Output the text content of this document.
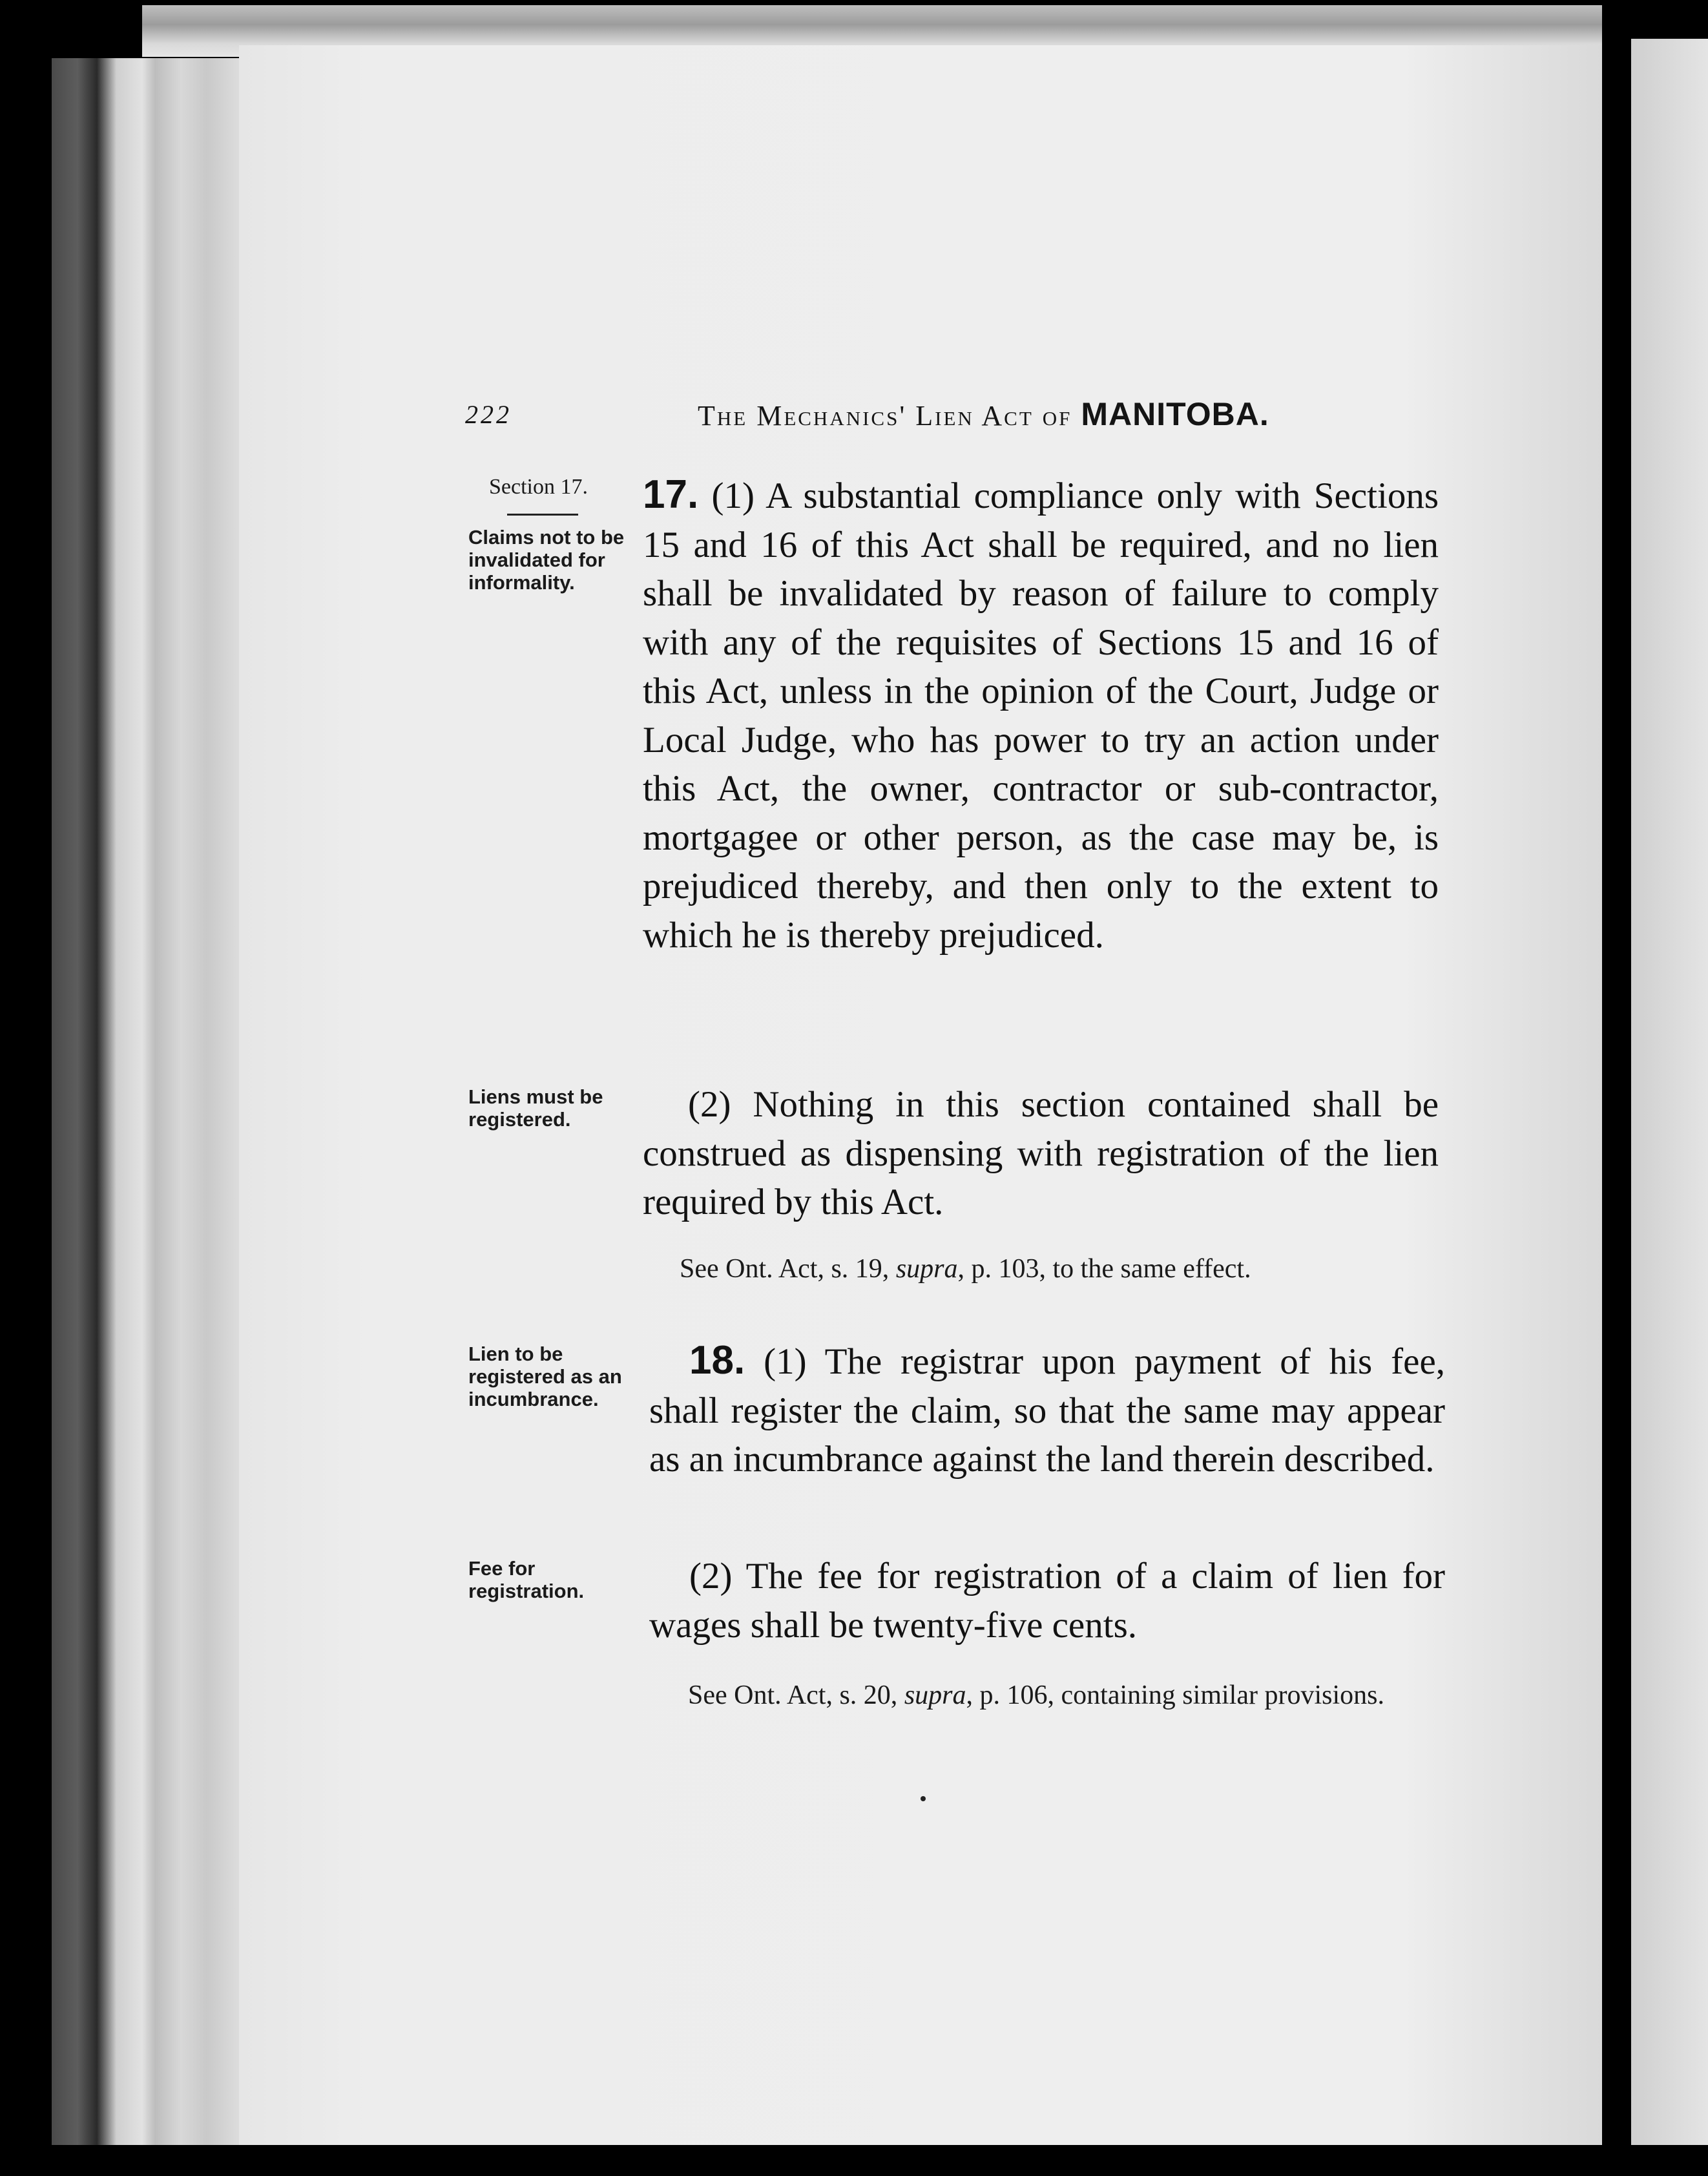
222	The Mechanics' Lien Act of MANITOBA.
Section 17.
Claims not to be invalidated for informality.
17. (1) A substantial compliance only with Sections 15 and 16 of this Act shall be required, and no lien shall be invalidated by reason of failure to comply with any of the requisites of Sections 15 and 16 of this Act, unless in the opinion of the Court, Judge or Local Judge, who has power to try an action under this Act, the owner, contractor or sub-contractor, mortgagee or other person, as the case may be, is prejudiced thereby, and then only to the extent to which he is thereby prejudiced.
Liens must be registered.	(2) Nothing in this section contained shall be construed as dispensing with registration of the lien required by this Act.
See Ont. Act, s. 19, supra, p. 103, to the same effect.
Lien to be registered as an incumbrance.
18. (1) The registrar upon payment of his fee, shall register the claim, so that the same may appear as an incumbrance against the land therein described.
Fee for registration.	(2) The fee for registration of a claim of lien for wages shall be twenty-five cents.
See Ont. Act, s. 20, supra, p. 106, containing similar provisions.
